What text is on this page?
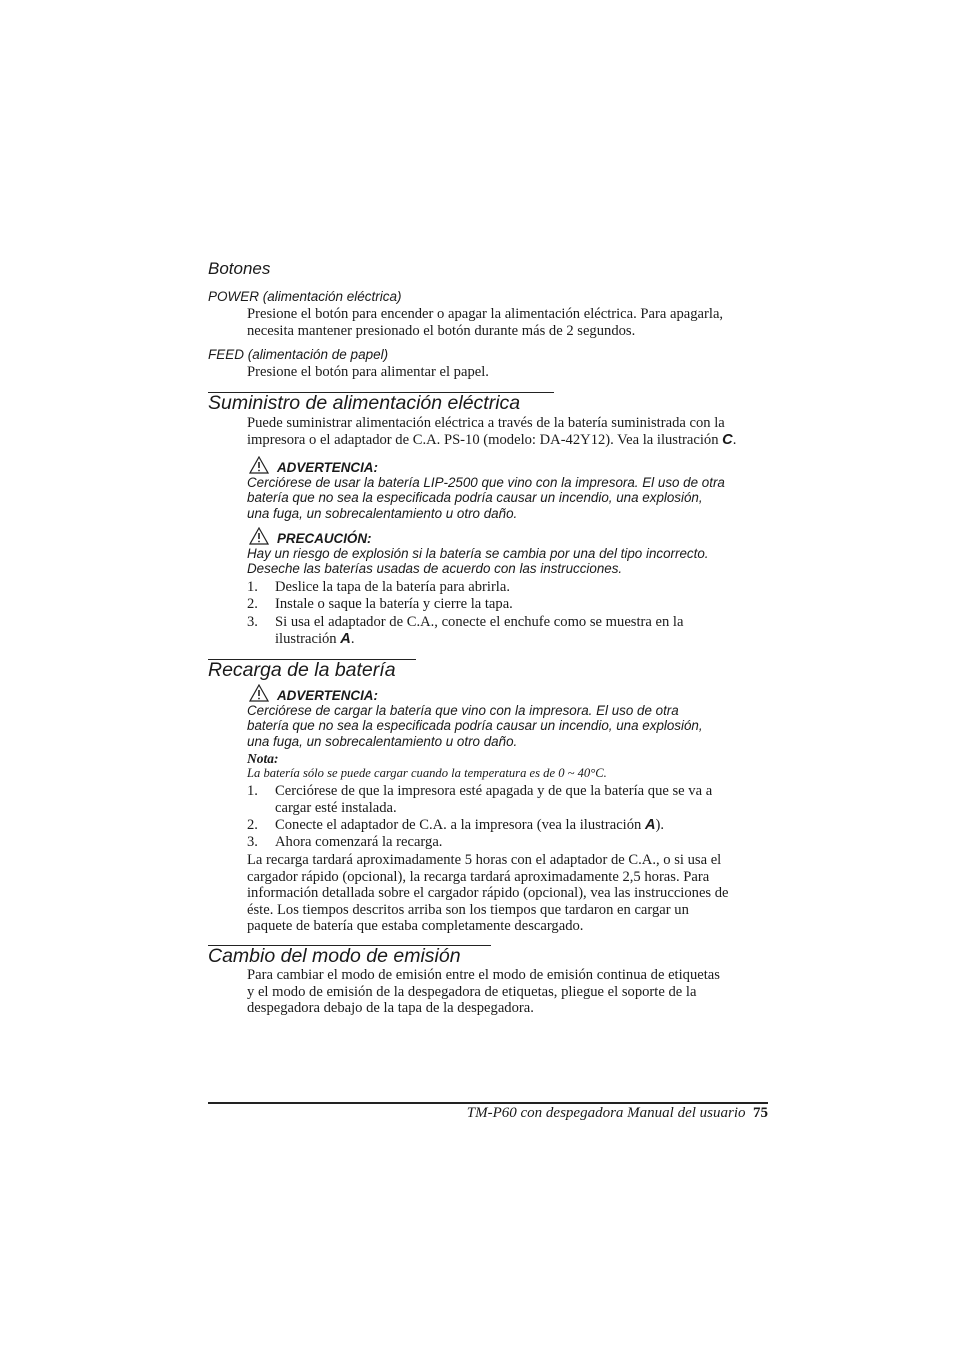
Botones
POWER (alimentación eléctrica)
Presione el botón para encender o apagar la alimentación eléctrica. Para apagarla,
necesita mantener presionado el botón durante más de 2 segundos.
FEED (alimentación de papel)
Presione el botón para alimentar el papel.
Suministro de alimentación eléctrica
Puede suministrar alimentación eléctrica a través de la batería suministrada con la
impresora o el adaptador de C.A. PS-10 (modelo: DA-42Y12). Vea la ilustración C.
ADVERTENCIA:
Cerciórese de usar la batería LIP-2500 que vino con la impresora. El uso de otra
batería que no sea la especificada podría causar un incendio, una explosión,
una fuga, un sobrecalentamiento u otro daño.
PRECAUCIÓN:
Hay un riesgo de explosión si la batería se cambia por una del tipo incorrecto.
Deseche las baterías usadas de acuerdo con las instrucciones.
1.	Deslice la tapa de la batería para abrirla.
2.	Instale o saque la batería y cierre la tapa.
3.	Si usa el adaptador de C.A., conecte el enchufe como se muestra en la
ilustración A.
Recarga de la batería
ADVERTENCIA:
Cerciórese de cargar la batería que vino con la impresora. El uso de otra
batería que no sea la especificada podría causar un incendio, una explosión,
una fuga, un sobrecalentamiento u otro daño.
Nota:
La batería sólo se puede cargar cuando la temperatura es de 0 ~ 40°C.
1.	Cerciórese de que la impresora esté apagada y de que la batería que se va a
cargar esté instalada.
2.	Conecte el adaptador de C.A. a la impresora (vea la ilustración A).
3.	Ahora comenzará la recarga.
La recarga tardará aproximadamente 5 horas con el adaptador de C.A., o si usa el
cargador rápido (opcional), la recarga tardará aproximadamente 2,5 horas. Para
información detallada sobre el cargador rápido (opcional), vea las instrucciones de
éste. Los tiempos descritos arriba son los tiempos que tardaron en cargar un
paquete de batería que estaba completamente descargado.
Cambio del modo de emisión
Para cambiar el modo de emisión entre el modo de emisión continua de etiquetas
y el modo de emisión de la despegadora de etiquetas, pliegue el soporte de la
despegadora debajo de la tapa de la despegadora.
TM-P60 con despegadora Manual del usuario 75
